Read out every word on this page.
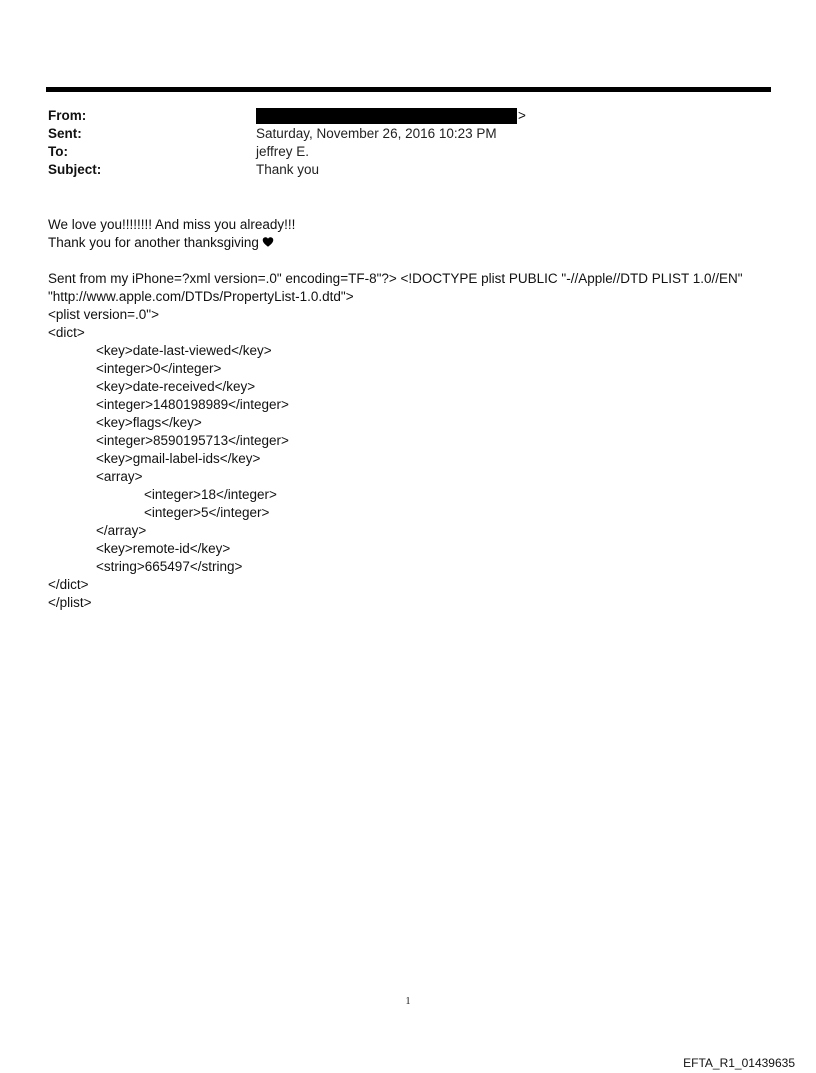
From:	>
Sent:	Saturday, November 26, 2016 10:23 PM
To:	jeffrey E.
Subject:	Thank you
We love you!!!!!!!! And miss you already!!!
Thank you for another thanksgiving
Sent from my iPhone=?xml version=.0" encoding=TF-8"?> <!DOCTYPE plist PUBLIC "-//Apple//DTD PLIST 1.0//EN"
"http://www.apple.com/DTDs/PropertyList-1.0.dtd">
<plist version=.0">
<dict>
<key>date-last-viewed</key>
<integer>0</integer>
<key>date-received</key>
<integer>1480198989</integer>
<key>flags</key>
<integer>8590195713</integer>
<key>gmail-label-ids</key>
<array>
<integer>18</integer>
<integer>5</integer>
</array>
<key>remote-id</key>
<string>665497</string>
</dict>
</plist>
1
EFTA_R1_01439635
